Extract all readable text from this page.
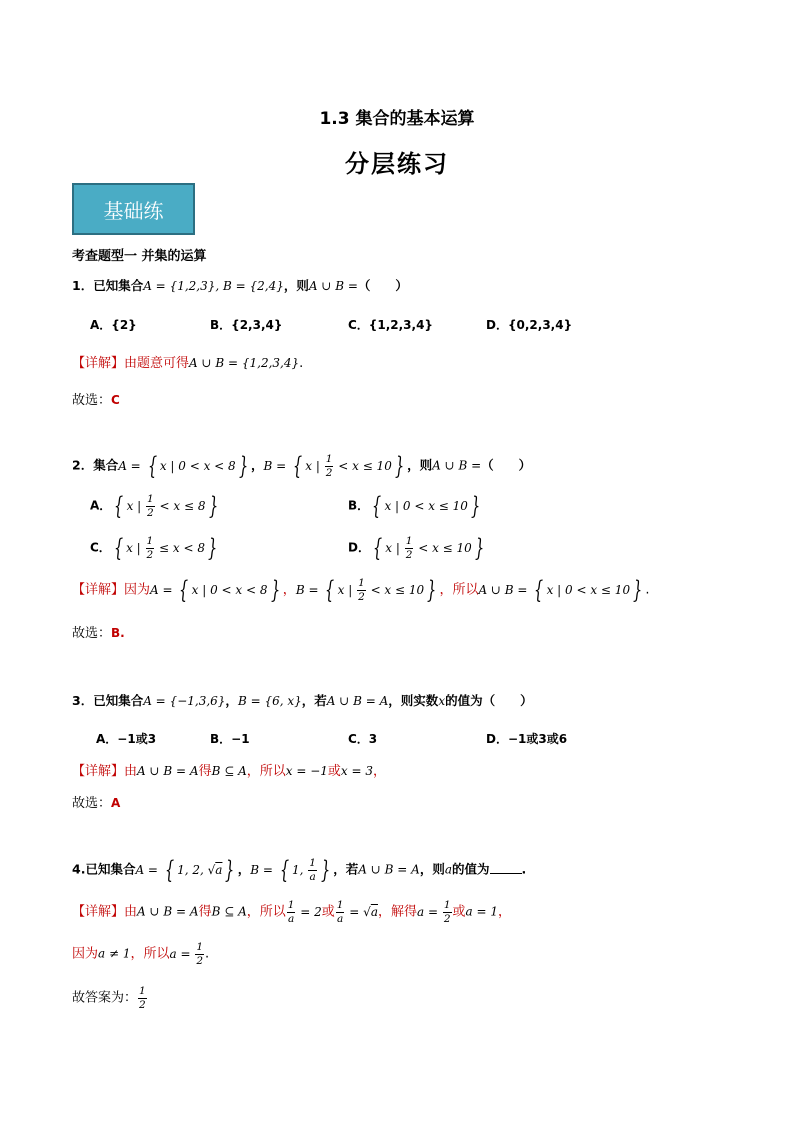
1.3 集合的基本运算
分层练习
基础练
考查题型一 并集的运算
1．已知集合A = {1,2,3}, B = {2,4}，则A ∪ B =（　　）
A．{2}	B．{2,3,4}	C．{1,2,3,4}	D．{0,2,3,4}
【详解】由题意可得A ∪ B = {1,2,3,4}.
故选：C
2．集合A = { x | 0 < x < 8 } ，B = { x | $\frac{1}{2} < x \le 10$ } ，则A ∪ B =（　　）
A． { x | $\frac{1}{2} < x \le 8$ }	B． { x | 0 < x ≤ 10 }
C． { x | $\frac{1}{2} \le x < 8$ }	D． { x | $\frac{1}{2} < x \le 10$ }
【详解】因为A = { x | 0 < x < 8 } ，B = { x | $\frac{1}{2} < x \le 10$ } ，所以A ∪ B = { x | 0 < x ≤ 10 } .
故选：B.
3．已知集合A = {−1,3,6}，B = {6, x}，若A ∪ B = A，则实数x的值为（　　）
A．−1或3	B．−1	C．3	D．−1或3或6
【详解】由A ∪ B = A得B ⊆ A，所以x = −1或x = 3，
故选：A
4.已知集合A = { 1, 2, √a } ，B = { 1, $\frac{1}{a}$ } ，若A ∪ B = A，则a的值为	.
【详解】由A ∪ B = A得B ⊆ A，所以 $\frac{1}{a} = 2$或 $\frac{1}{a} = √a$，解得$a = \frac{1}{2}$ 或a = 1，
因为a ≠ 1，所以$a = \frac{1}{2}$ .
故答案为： $\frac{1}{2}$
